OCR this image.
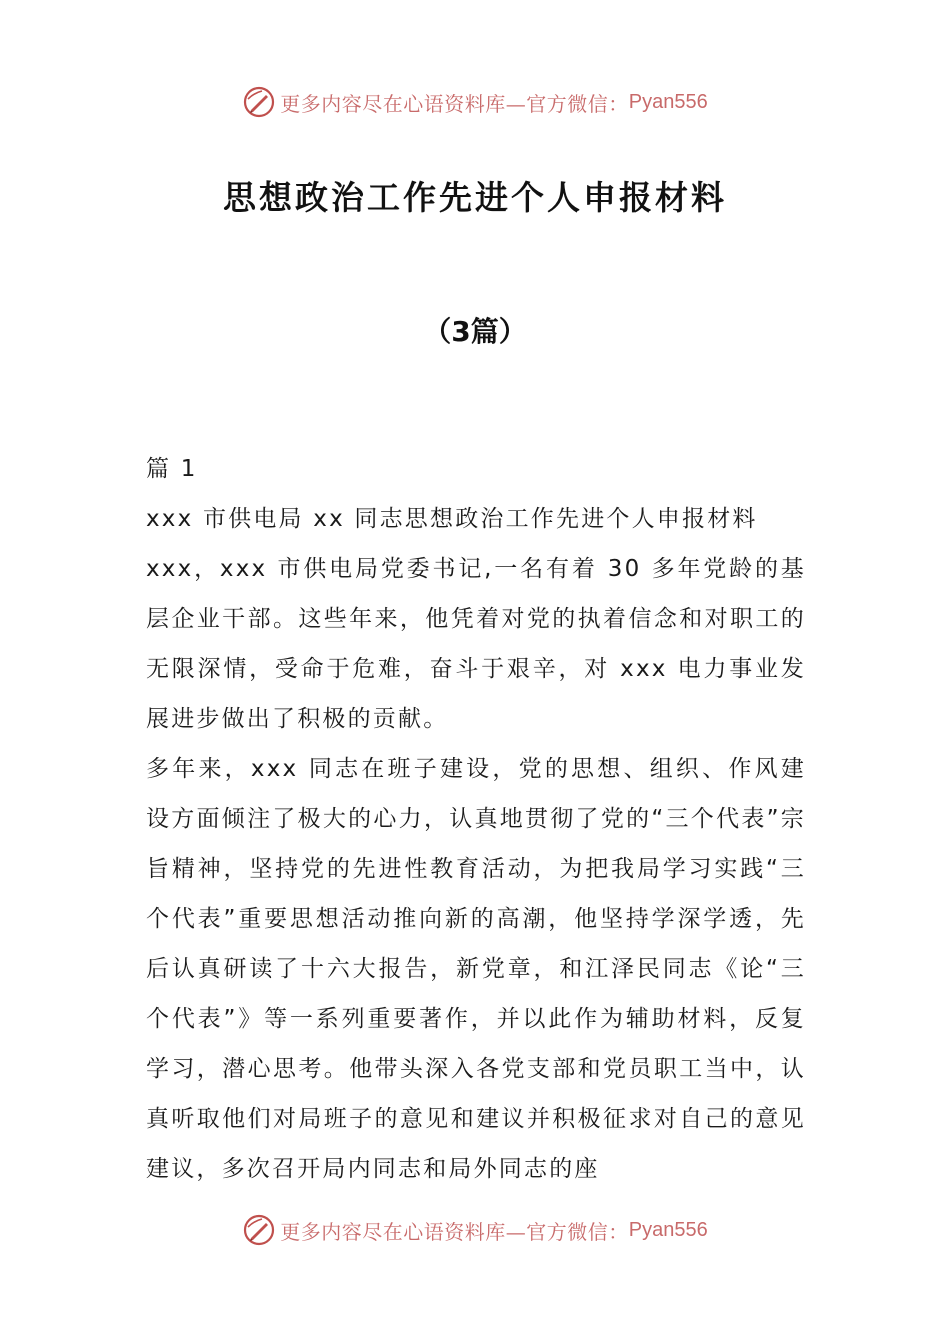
更多内容尽在心语资料库—官方微信： Pyan556
思想政治工作先进个人申报材料
（3篇）

篇 1

xxx 市供电局 xx 同志思想政治工作先进个人申报材料

xxx，xxx 市供电局党委书记,一名有着 30 多年党龄的基层企业干部。这些年来，他凭着对党的执着信念和对职工的无限深情，受命于危难，奋斗于艰辛，对 xxx 电力事业发展进步做出了积极的贡献。

多年来，xxx 同志在班子建设，党的思想、组织、作风建设方面倾注了极大的心力，认真地贯彻了党的“三个代表”宗旨精神，坚持党的先进性教育活动，为把我局学习实践“三个代表”重要思想活动推向新的高潮，他坚持学深学透，先后认真研读了十六大报告，新党章，和江泽民同志《论“三个代表”》等一系列重要著作，并以此作为辅助材料，反复学习，潜心思考。他带头深入各党支部和党员职工当中，认真听取他们对局班子的意见和建议并积极征求对自己的意见建议，多次召开局内同志和局外同志的座

更多内容尽在心语资料库—官方微信： Pyan556
